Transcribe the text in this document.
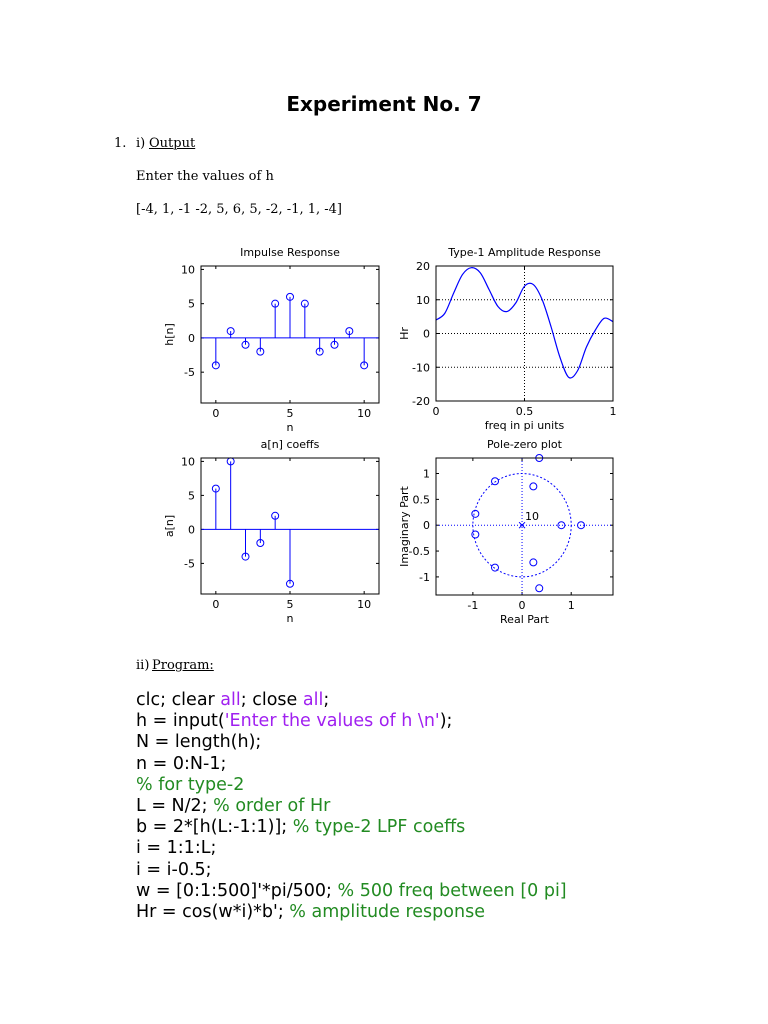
Experiment No. 7
1. i) Output
Enter the values of h
[-4, 1, -1 -2, 5, 6, 5, -2, -1, 1, -4]
Impulse Response
n
h[n]
0	5	10
10
5
0
-5
Type-1 Amplitude Response
freq in pi units
Hr
0	0.5	1
20
10
0
-10
-20
a[n] coeffs
n
a[n]
0	5	10
10
5
0
-5
Pole-zero plot
Real Part
Imaginary Part
-1	0	1
1
0.5
0
-0.5
-1
10
ii) Program:
clc; clear all; close all;
h = input('Enter the values of h \n');
N = length(h);
n = 0:N-1;
% for type-2
L = N/2; % order of Hr
b = 2*[h(L:-1:1)]; % type-2 LPF coeffs
i = 1:1:L;
i = i-0.5;
w = [0:1:500]'*pi/500; % 500 freq between [0 pi]
Hr = cos(w*i)*b'; % amplitude response
